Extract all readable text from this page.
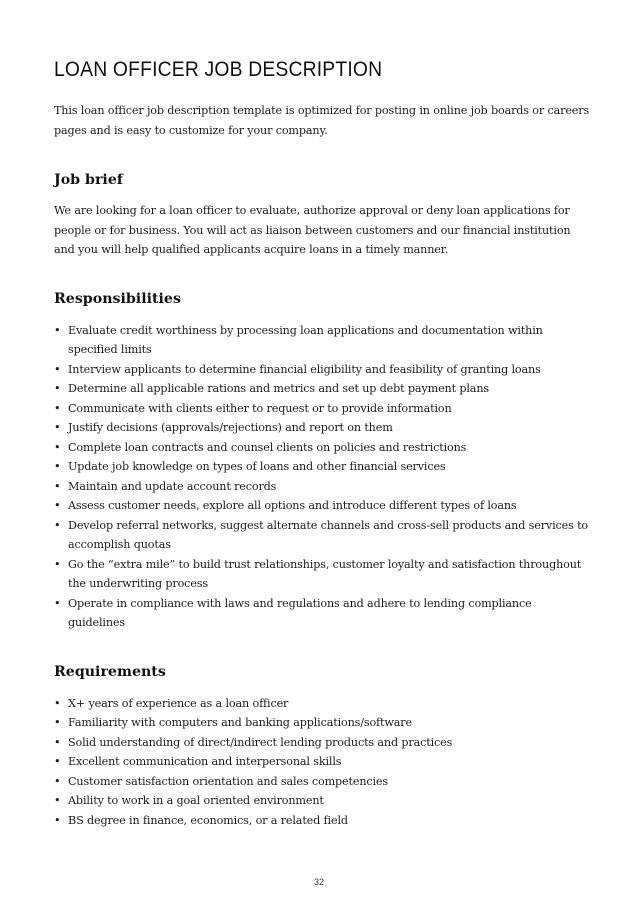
LOAN OFFICER JOB DESCRIPTION

This loan officer job description template is optimized for posting in online job boards or careers pages and is easy to customize for your company.

Job brief

We are looking for a loan officer to evaluate, authorize approval or deny loan applications for people or for business. You will act as liaison between customers and our financial institution and you will help qualified applicants acquire loans in a timely manner.

Responsibilities
• Evaluate credit worthiness by processing loan applications and documentation within specified limits
• Interview applicants to determine financial eligibility and feasibility of granting loans
• Determine all applicable rations and metrics and set up debt payment plans
• Communicate with clients either to request or to provide information
• Justify decisions (approvals/rejections) and report on them
• Complete loan contracts and counsel clients on policies and restrictions
• Update job knowledge on types of loans and other financial services
• Maintain and update account records
• Assess customer needs, explore all options and introduce different types of loans
• Develop referral networks, suggest alternate channels and cross-sell products and services to accomplish quotas
• Go the “extra mile” to build trust relationships, customer loyalty and satisfaction throughout the underwriting process
• Operate in compliance with laws and regulations and adhere to lending compliance guidelines
Requirements
• X+ years of experience as a loan officer
• Familiarity with computers and banking applications/software
• Solid understanding of direct/indirect lending products and practices
• Excellent communication and interpersonal skills
• Customer satisfaction orientation and sales competencies
• Ability to work in a goal oriented environment
• BS degree in finance, economics, or a related field
32
